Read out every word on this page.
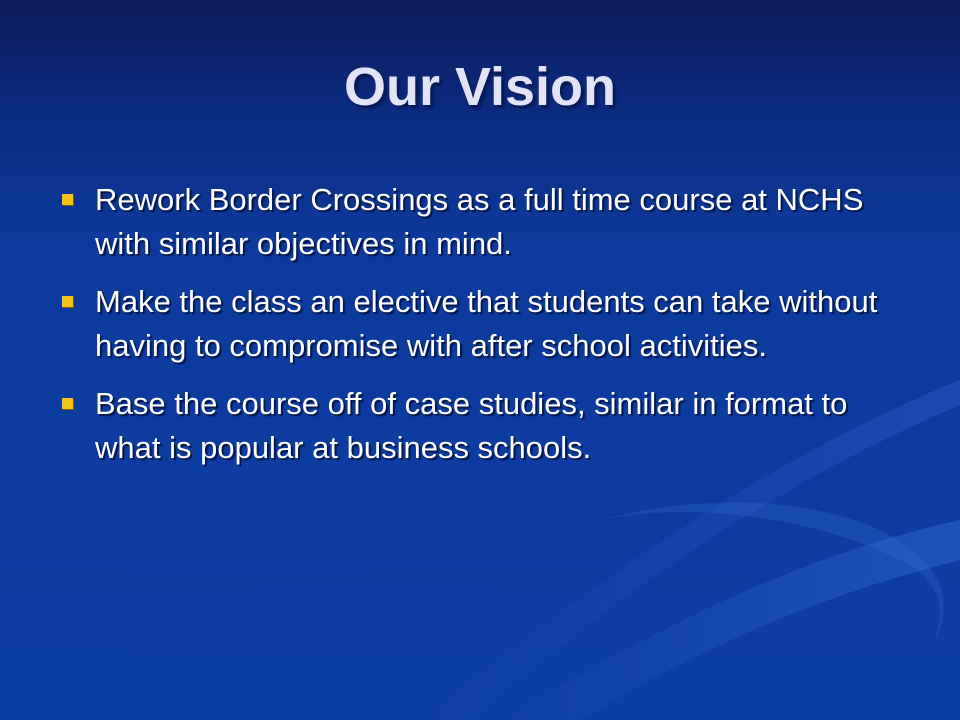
Our Vision
Rework Border Crossings as a full time course at NCHS with similar objectives in mind.
Make the class an elective that students can take without having to compromise with after school activities.
Base the course off of case studies, similar in format to what is popular at business schools.
